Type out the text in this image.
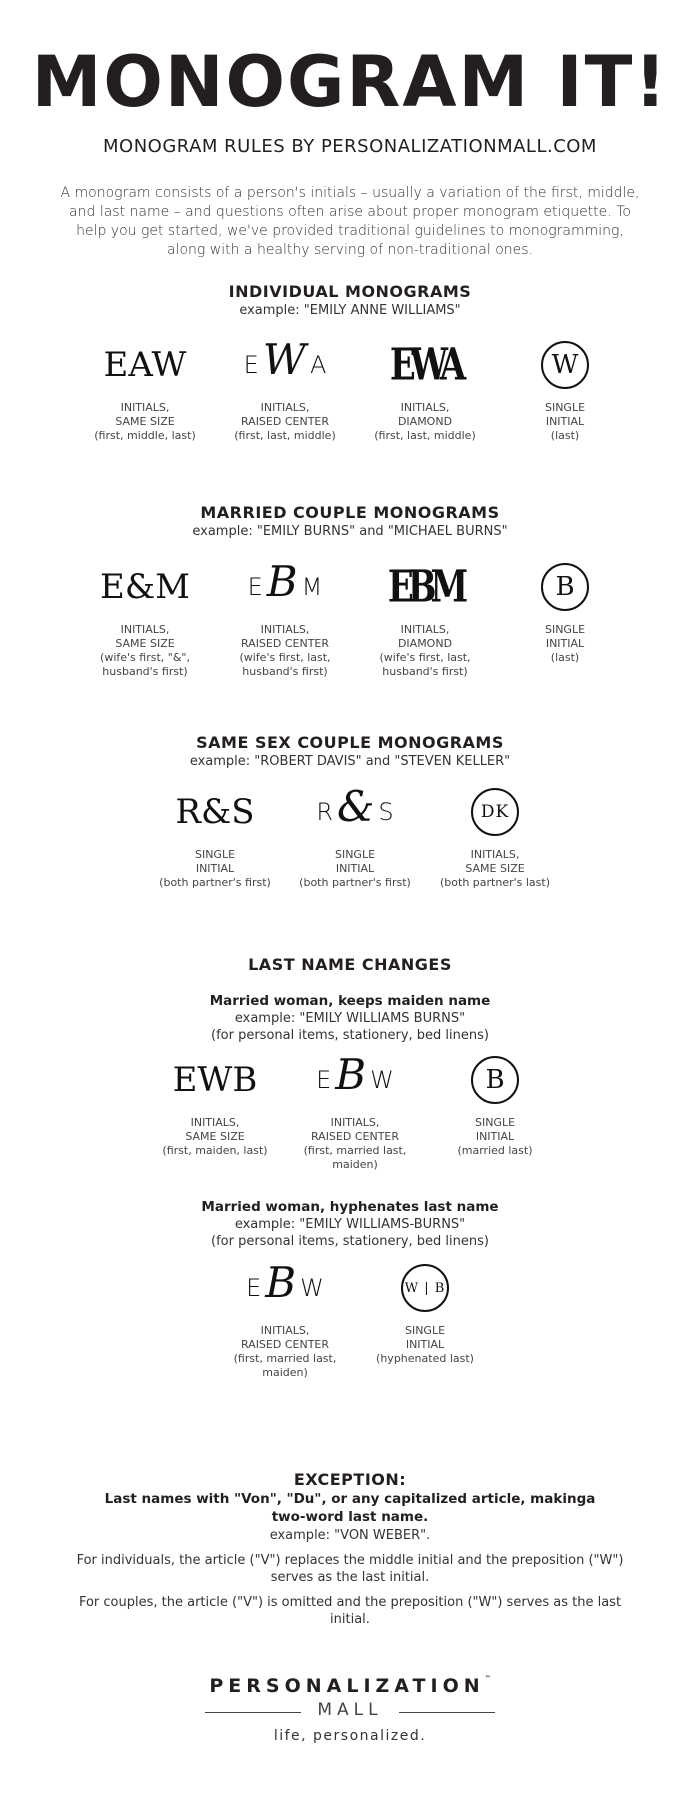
MONOGRAM IT!
MONOGRAM RULES BY PERSONALIZATIONMALL.COM
A monogram consists of a person's initials – usually a variation of the first, middle, and last name – and questions often arise about proper monogram etiquette. To help you get started, we've provided traditional guidelines to monogramming, along with a healthy serving of non-traditional ones.
INDIVIDUAL MONOGRAMS
example: "EMILY ANNE WILLIAMS"
EAW
INITIALS,
SAME SIZE
(first, middle, last)
E W A
INITIALS,
RAISED CENTER
(first, last, middle)
EWA
INITIALS,
DIAMOND
(first, last, middle)
W
SINGLE
INITIAL
(last)
MARRIED COUPLE MONOGRAMS
example: "EMILY BURNS" and "MICHAEL BURNS"
E&M
INITIALS,
SAME SIZE
(wife's first, "&",
husband's first)
E B M
INITIALS,
RAISED CENTER
(wife's first, last,
husband's first)
EBM
INITIALS,
DIAMOND
(wife's first, last,
husband's first)
B
SINGLE
INITIAL
(last)
SAME SEX COUPLE MONOGRAMS
example: "ROBERT DAVIS" and "STEVEN KELLER"
R&S
SINGLE
INITIAL
(both partner's first)
R & S
SINGLE
INITIAL
(both partner's first)
DK
INITIALS,
SAME SIZE
(both partner's last)
LAST NAME CHANGES
Married woman, keeps maiden name
example: "EMILY WILLIAMS BURNS"
(for personal items, stationery, bed linens)
EWB
INITIALS,
SAME SIZE
(first, maiden, last)
E B W
INITIALS,
RAISED CENTER
(first, married last,
maiden)
B
SINGLE
INITIAL
(married last)
Married woman, hyphenates last name
example: "EMILY WILLIAMS-BURNS"
(for personal items, stationery, bed linens)
E B W
INITIALS,
RAISED CENTER
(first, married last,
maiden)
W | B
SINGLE
INITIAL
(hyphenated last)
EXCEPTION:
Last names with "Von", "Du", or any capitalized article, makinga two-word last name.
example: "VON WEBER".
For individuals, the article ("V") replaces the middle initial and the preposition ("W") serves as the last initial.
For couples, the article ("V") is omitted and the preposition ("W") serves as the last initial.
PERSONALIZATION™
MALL
life, personalized.
